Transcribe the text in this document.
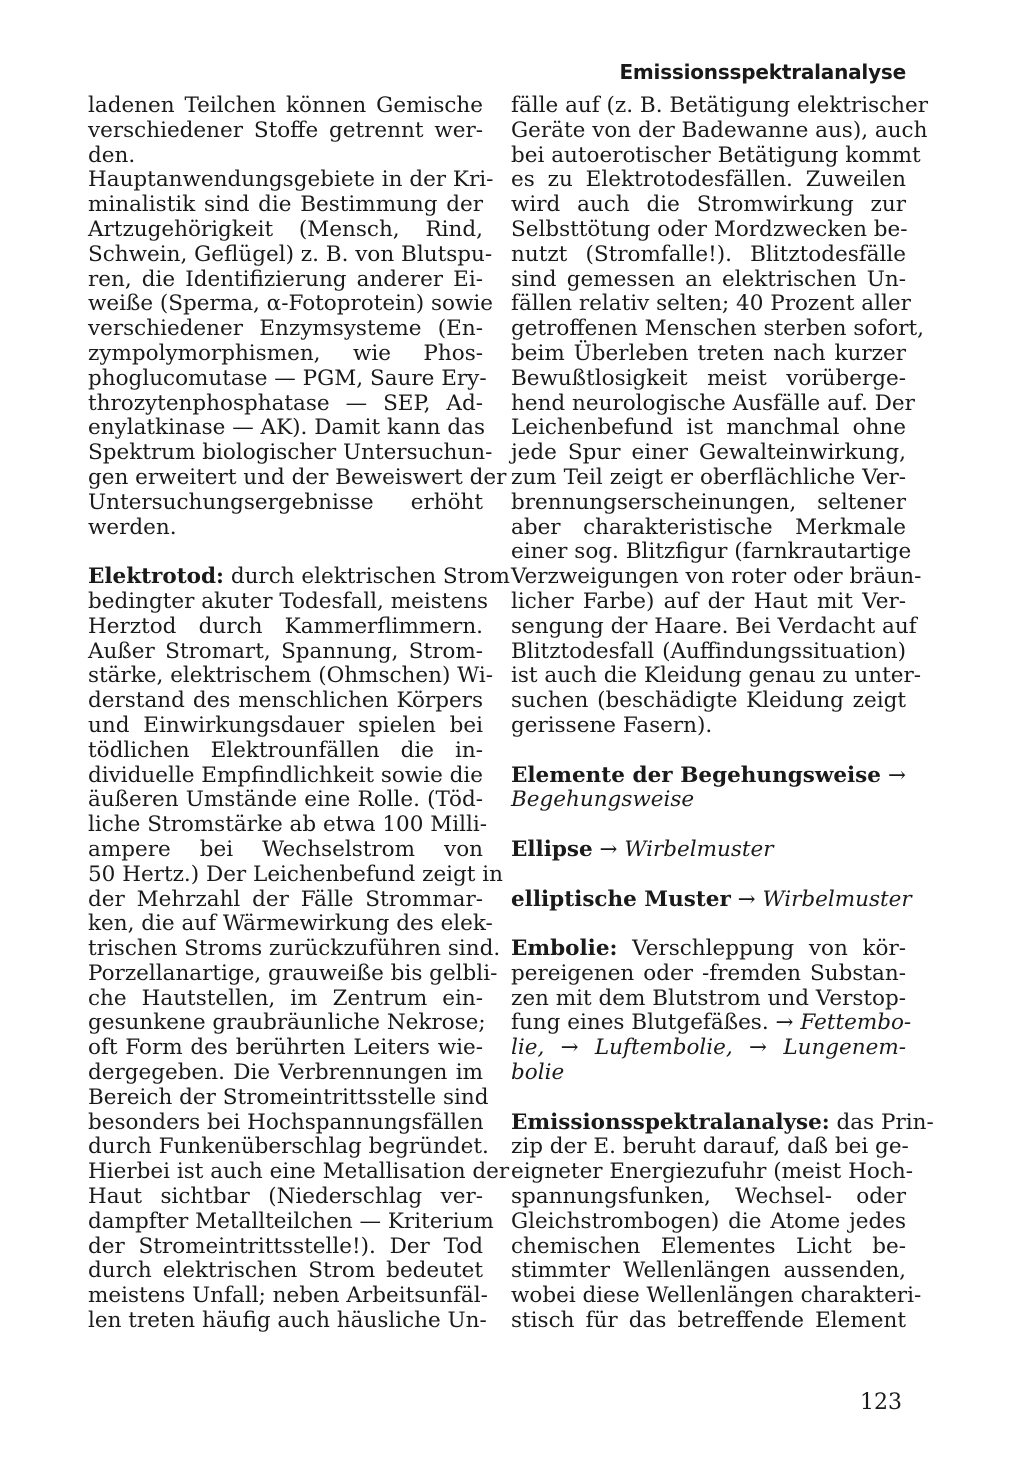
Emissionsspektralanalyse
ladenen Teilchen können Gemische
verschiedener Stoffe getrennt wer-
den.
Hauptanwendungsgebiete in der Kri-
minalistik sind die Bestimmung der
Artzugehörigkeit (Mensch, Rind,
Schwein, Geflügel) z. B. von Blutspu-
ren, die Identifizierung anderer Ei-
weiße (Sperma, α-Fotoprotein) sowie
verschiedener Enzymsysteme (En-
zympolymorphismen, wie Phos-
phoglucomutase — PGM, Saure Ery-
throzytenphosphatase — SEP, Ad-
enylatkinase — AK). Damit kann das
Spektrum biologischer Untersuchun-
gen erweitert und der Beweiswert der
Untersuchungsergebnisse erhöht
werden.
Elektrotod: durch elektrischen Strom
bedingter akuter Todesfall, meistens
Herztod durch Kammerflimmern.
Außer Stromart, Spannung, Strom-
stärke, elektrischem (Ohmschen) Wi-
derstand des menschlichen Körpers
und Einwirkungsdauer spielen bei
tödlichen Elektrounfällen die in-
dividuelle Empfindlichkeit sowie die
äußeren Umstände eine Rolle. (Töd-
liche Stromstärke ab etwa 100 Milli-
ampere bei Wechselstrom von
50 Hertz.) Der Leichenbefund zeigt in
der Mehrzahl der Fälle Strommar-
ken, die auf Wärmewirkung des elek-
trischen Stroms zurückzuführen sind.
Porzellanartige, grauweiße bis gelbli-
che Hautstellen, im Zentrum ein-
gesunkene graubräunliche Nekrose;
oft Form des berührten Leiters wie-
dergegeben. Die Verbrennungen im
Bereich der Stromeintrittsstelle sind
besonders bei Hochspannungsfällen
durch Funkenüberschlag begründet.
Hierbei ist auch eine Metallisation der
Haut sichtbar (Niederschlag ver-
dampfter Metallteilchen — Kriterium
der Stromeintrittsstelle!). Der Tod
durch elektrischen Strom bedeutet
meistens Unfall; neben Arbeitsunfäl-
len treten häufig auch häusliche Un-
fälle auf (z. B. Betätigung elektrischer
Geräte von der Badewanne aus), auch
bei autoerotischer Betätigung kommt
es zu Elektrotodesfällen. Zuweilen
wird auch die Stromwirkung zur
Selbsttötung oder Mordzwecken be-
nutzt (Stromfalle!). Blitztodesfälle
sind gemessen an elektrischen Un-
fällen relativ selten; 40 Prozent aller
getroffenen Menschen sterben sofort,
beim Überleben treten nach kurzer
Bewußtlosigkeit meist vorüberge-
hend neurologische Ausfälle auf. Der
Leichenbefund ist manchmal ohne
jede Spur einer Gewalteinwirkung,
zum Teil zeigt er oberflächliche Ver-
brennungserscheinungen, seltener
aber charakteristische Merkmale
einer sog. Blitzfigur (farnkrautartige
Verzweigungen von roter oder bräun-
licher Farbe) auf der Haut mit Ver-
sengung der Haare. Bei Verdacht auf
Blitztodesfall (Auffindungssituation)
ist auch die Kleidung genau zu unter-
suchen (beschädigte Kleidung zeigt
gerissene Fasern).
Elemente der Begehungsweise →
Begehungsweise
Ellipse → Wirbelmuster
elliptische Muster → Wirbelmuster
Embolie: Verschleppung von kör-
pereigenen oder -fremden Substan-
zen mit dem Blutstrom und Verstop-
fung eines Blutgefäßes. → Fettembo-
lie, → Luftembolie, → Lungenem-
bolie
Emissionsspektralanalyse: das Prin-
zip der E. beruht darauf, daß bei ge-
eigneter Energiezufuhr (meist Hoch-
spannungsfunken, Wechsel- oder
Gleichstrombogen) die Atome jedes
chemischen Elementes Licht be-
stimmter Wellenlängen aussenden,
wobei diese Wellenlängen charakteri-
stisch für das betreffende Element
123
